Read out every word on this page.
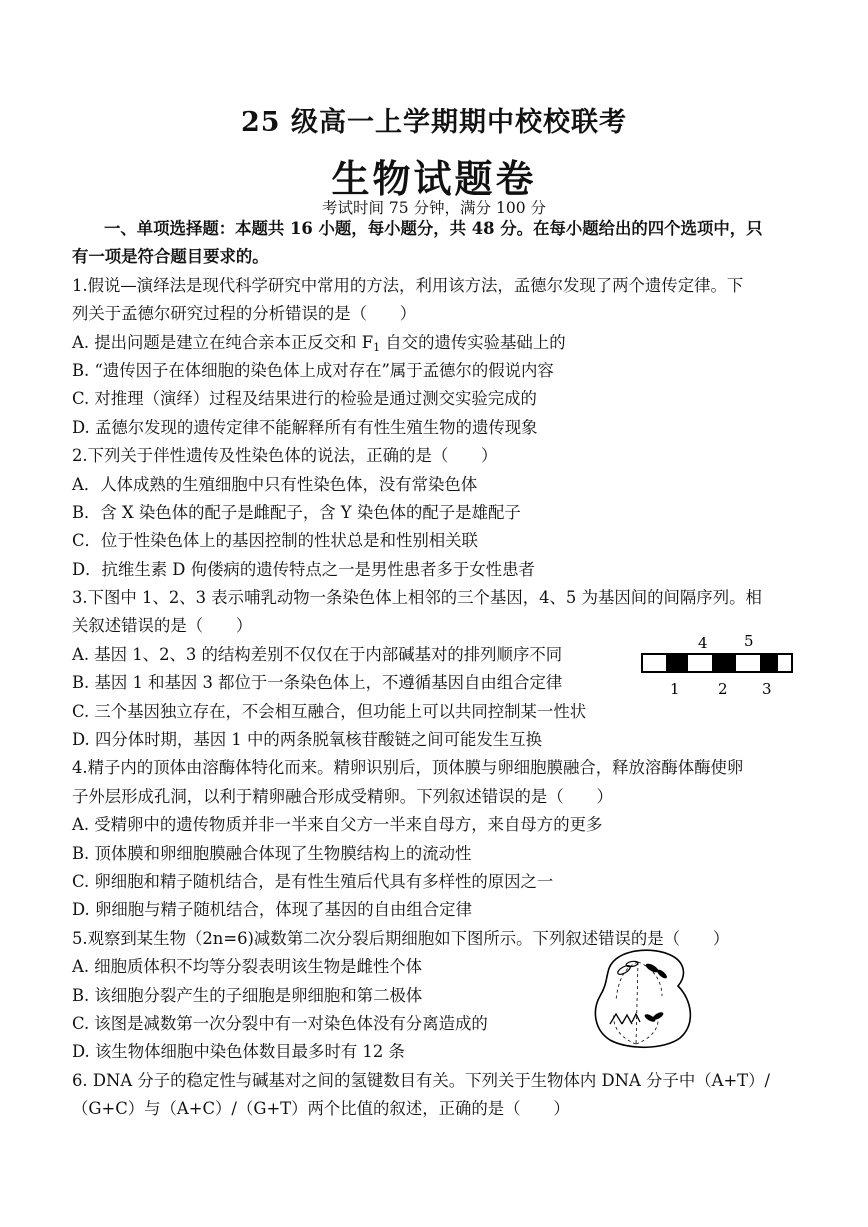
25 级高一上学期期中校校联考
生物试题卷
考试时间 75 分钟，满分 100 分
一、单项选择题：本题共 16 小题，每小题分，共 48 分。在每小题给出的四个选项中，只
有一项是符合题目要求的。
1.假说—演绎法是现代科学研究中常用的方法，利用该方法，孟德尔发现了两个遗传定律。下
列关于孟德尔研究过程的分析错误的是（　　）
A. 提出问题是建立在纯合亲本正反交和 $F_1$ 自交的遗传实验基础上的
B. “遗传因子在体细胞的染色体上成对存在”属于孟德尔的假说内容
C. 对推理（演绎）过程及结果进行的检验是通过测交实验完成的
D. 孟德尔发现的遗传定律不能解释所有有性生殖生物的遗传现象
2.下列关于伴性遗传及性染色体的说法，正确的是（　　）
A．人体成熟的生殖细胞中只有性染色体，没有常染色体
B．含 X 染色体的配子是雌配子，含 Y 染色体的配子是雄配子
C．位于性染色体上的基因控制的性状总是和性别相关联
D．抗维生素 D 佝偻病的遗传特点之一是男性患者多于女性患者
3.下图中 1、2、3 表示哺乳动物一条染色体上相邻的三个基因，4、5 为基因间的间隔序列。相
关叙述错误的是（　　）
A. 基因 1、2、3 的结构差别不仅仅在于内部碱基对的排列顺序不同
B. 基因 1 和基因 3 都位于一条染色体上，不遵循基因自由组合定律
C. 三个基因独立存在，不会相互融合，但功能上可以共同控制某一性状
D. 四分体时期，基因 1 中的两条脱氧核苷酸链之间可能发生互换
4.精子内的顶体由溶酶体特化而来。精卵识别后，顶体膜与卵细胞膜融合，释放溶酶体酶使卵
子外层形成孔洞，以利于精卵融合形成受精卵。下列叙述错误的是（　　）
A. 受精卵中的遗传物质并非一半来自父方一半来自母方，来自母方的更多
B. 顶体膜和卵细胞膜融合体现了生物膜结构上的流动性
C. 卵细胞和精子随机结合，是有性生殖后代具有多样性的原因之一
D. 卵细胞与精子随机结合，体现了基因的自由组合定律
5.观察到某生物（2n=6)减数第二次分裂后期细胞如下图所示。下列叙述错误的是（　　）
A. 细胞质体积不均等分裂表明该生物是雌性个体
B. 该细胞分裂产生的子细胞是卵细胞和第二极体
C. 该图是减数第一次分裂中有一对染色体没有分离造成的
D. 该生物体细胞中染色体数目最多时有 12 条
6. DNA 分子的稳定性与碱基对之间的氢键数目有关。下列关于生物体内 DNA 分子中（A+T）/
（G+C）与（A+C）/（G+T）两个比值的叙述，正确的是（　　）
4 5
1	2 3
